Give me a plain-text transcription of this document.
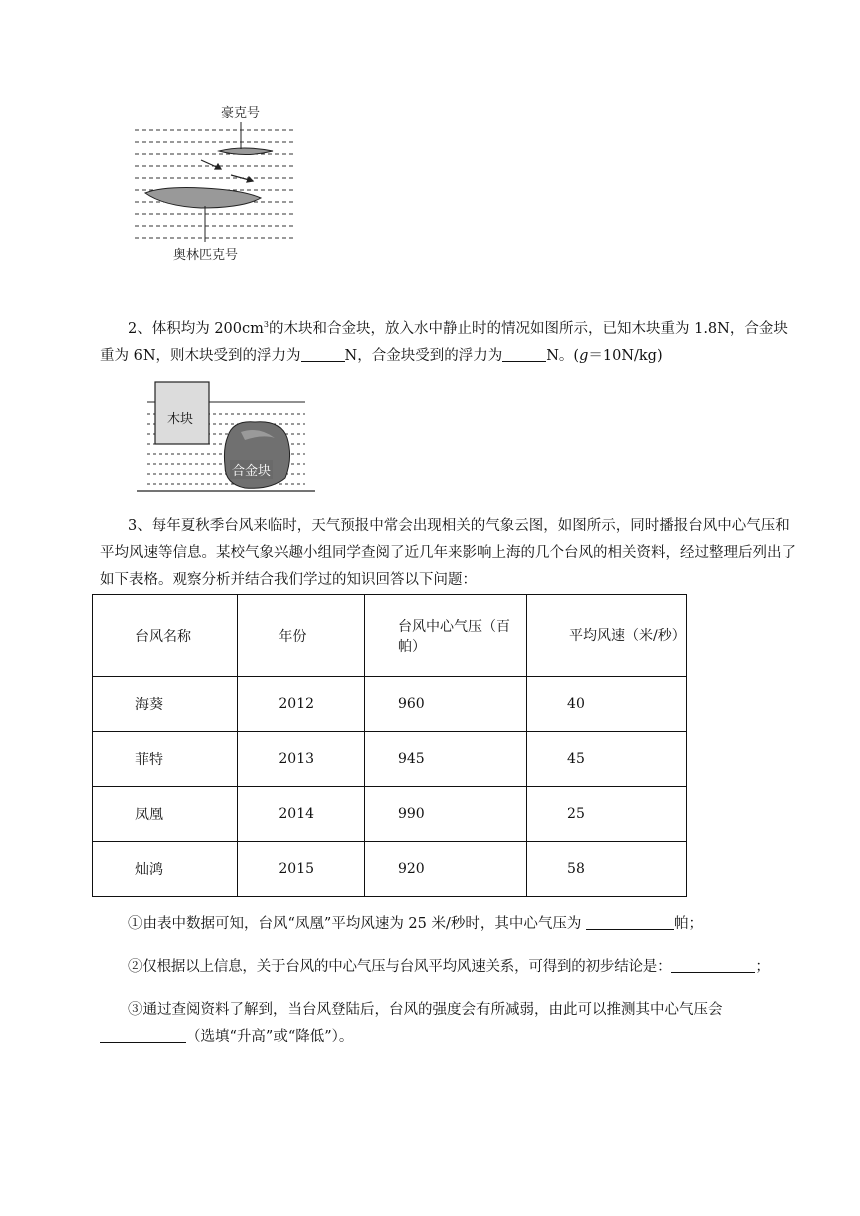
豪克号
奥林匹克号
2、体积均为 $200cm^3$的木块和合金块，放入水中静止时的情况如图所示，已知木块重为 1.8N，合金块重为 6N，则木块受到的浮力为	N，合金块受到的浮力为	N。(g＝10N/kg)
木块
合金块
3、每年夏秋季台风来临时，天气预报中常会出现相关的气象云图，如图所示，同时播报台风中心气压和平均风速等信息。某校气象兴趣小组同学查阅了近几年来影响上海的几个台风的相关资料，经过整理后列出了如下表格。观察分析并结合我们学过的知识回答以下问题：
台风名称	年份	台风中心气压（百帕）	平均风速（米/秒）

海葵	2012	960	40
菲特	2013	945	45
凤凰	2014	990	25
灿鸿	2015	920	58
①由表中数据可知，台风“凤凰”平均风速为 25 米/秒时，其中心气压为	帕；
②仅根据以上信息，关于台风的中心气压与台风平均风速关系，可得到的初步结论是：	；
③通过查阅资料了解到，当台风登陆后，台风的强度会有所减弱，由此可以推测其中心气压会（选填“升高”或“降低”）。
